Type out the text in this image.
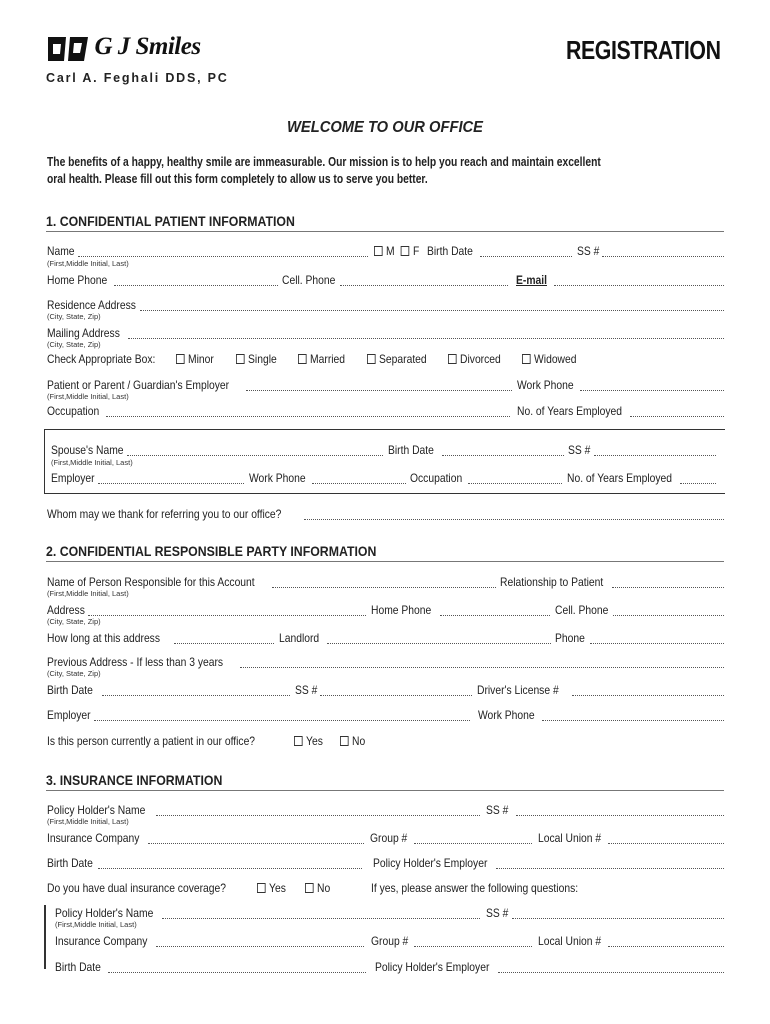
G J Smiles
Carl A. Feghali DDS, PC
REGISTRATION
WELCOME TO OUR OFFICE
The benefits of a happy, healthy smile are immeasurable. Our mission is to help you reach and maintain excellent
oral health. Please fill out this form completely to allow us to serve you better.
1. CONFIDENTIAL PATIENT INFORMATION
Name	M F Birth Date	SS #
(First,Middle Initial, Last)
Home Phone	Cell. Phone	E-mail
Residence Address
(City, State, Zip)
Mailing Address
(City, State, Zip)
Check Appropriate Box:	Minor	Single	Married	Separated	Divorced	Widowed
Patient or Parent / Guardian's Employer	Work Phone
(First,Middle Initial, Last)
Occupation	No. of Years Employed
Spouse's Name	Birth Date	SS #
(First,Middle Initial, Last)
Employer	Work Phone	Occupation	No. of Years Employed
Whom may we thank for referring you to our office?
2. CONFIDENTIAL RESPONSIBLE PARTY INFORMATION
Name of Person Responsible for this Account	Relationship to Patient
(First,Middle Initial, Last)
Address	Home Phone	Cell. Phone
(City, State, Zip)
How long at this address	Landlord	Phone
Previous Address - If less than 3 years
(City, State, Zip)
Birth Date	SS #	Driver's License #
Employer	Work Phone
Is this person currently a patient in our office?	Yes	No
3. INSURANCE INFORMATION
Policy Holder's Name	SS #
(First,Middle Initial, Last)
Insurance Company	Group #	Local Union #
Birth Date	Policy Holder's Employer
Do you have dual insurance coverage?	Yes	No	If yes, please answer the following questions:
Policy Holder's Name	SS #
(First,Middle Initial, Last)
Insurance Company	Group #	Local Union #
Birth Date	Policy Holder's Employer
